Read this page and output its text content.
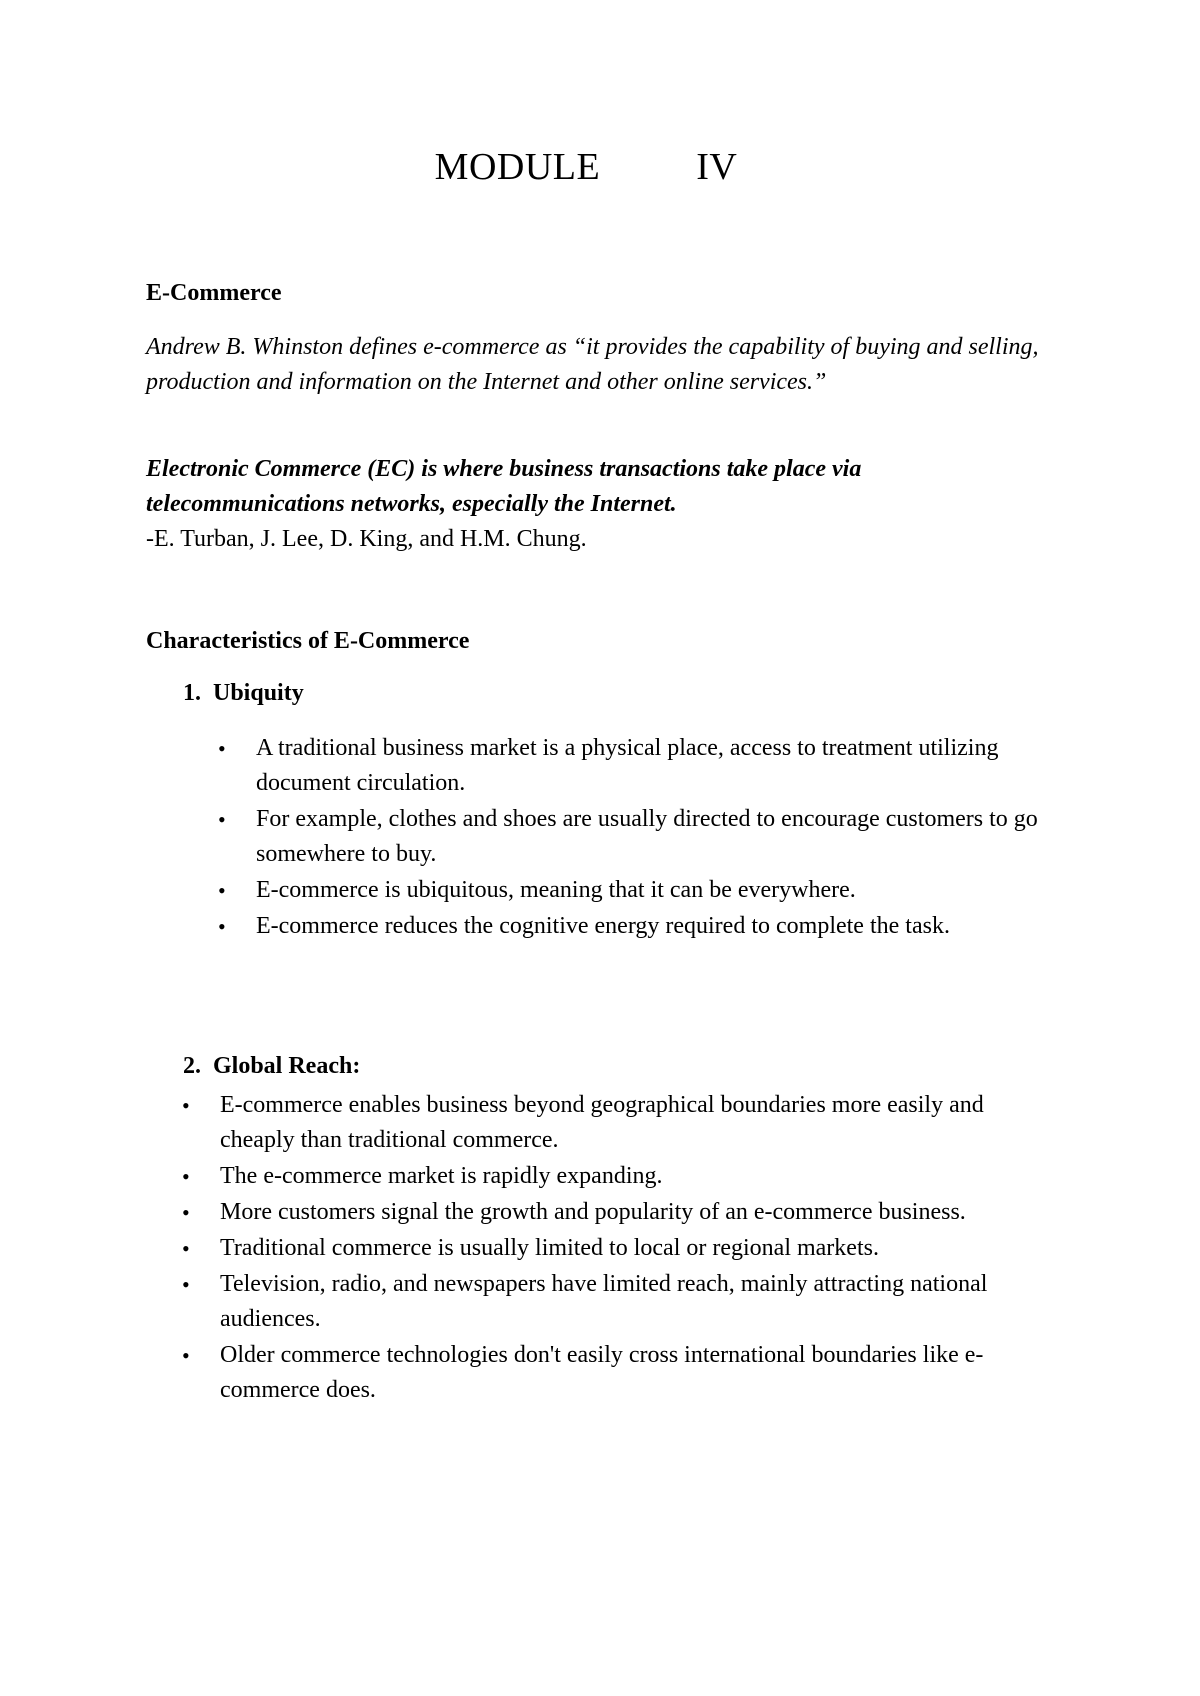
MODULE    IV
E-Commerce

Andrew B. Whinston defines e-commerce as “it provides the capability of buying and selling, production and information on the Internet and other online services.”

Electronic Commerce (EC) is where business transactions take place via telecommunications networks, especially the Internet.

-E. Turban, J. Lee, D. King, and H.M. Chung.

Characteristics of E-Commerce
1. Ubiquity
• A traditional business market is a physical place, access to treatment utilizing document circulation.
• For example, clothes and shoes are usually directed to encourage customers to go somewhere to buy.
• E-commerce is ubiquitous, meaning that it can be everywhere.
• E-commerce reduces the cognitive energy required to complete the task.
2. Global Reach:
• E-commerce enables business beyond geographical boundaries more easily and cheaply than traditional commerce.
• The e-commerce market is rapidly expanding.
• More customers signal the growth and popularity of an e-commerce business.
• Traditional commerce is usually limited to local or regional markets.
• Television, radio, and newspapers have limited reach, mainly attracting national audiences.
• Older commerce technologies don't easily cross international boundaries like e-commerce does.
